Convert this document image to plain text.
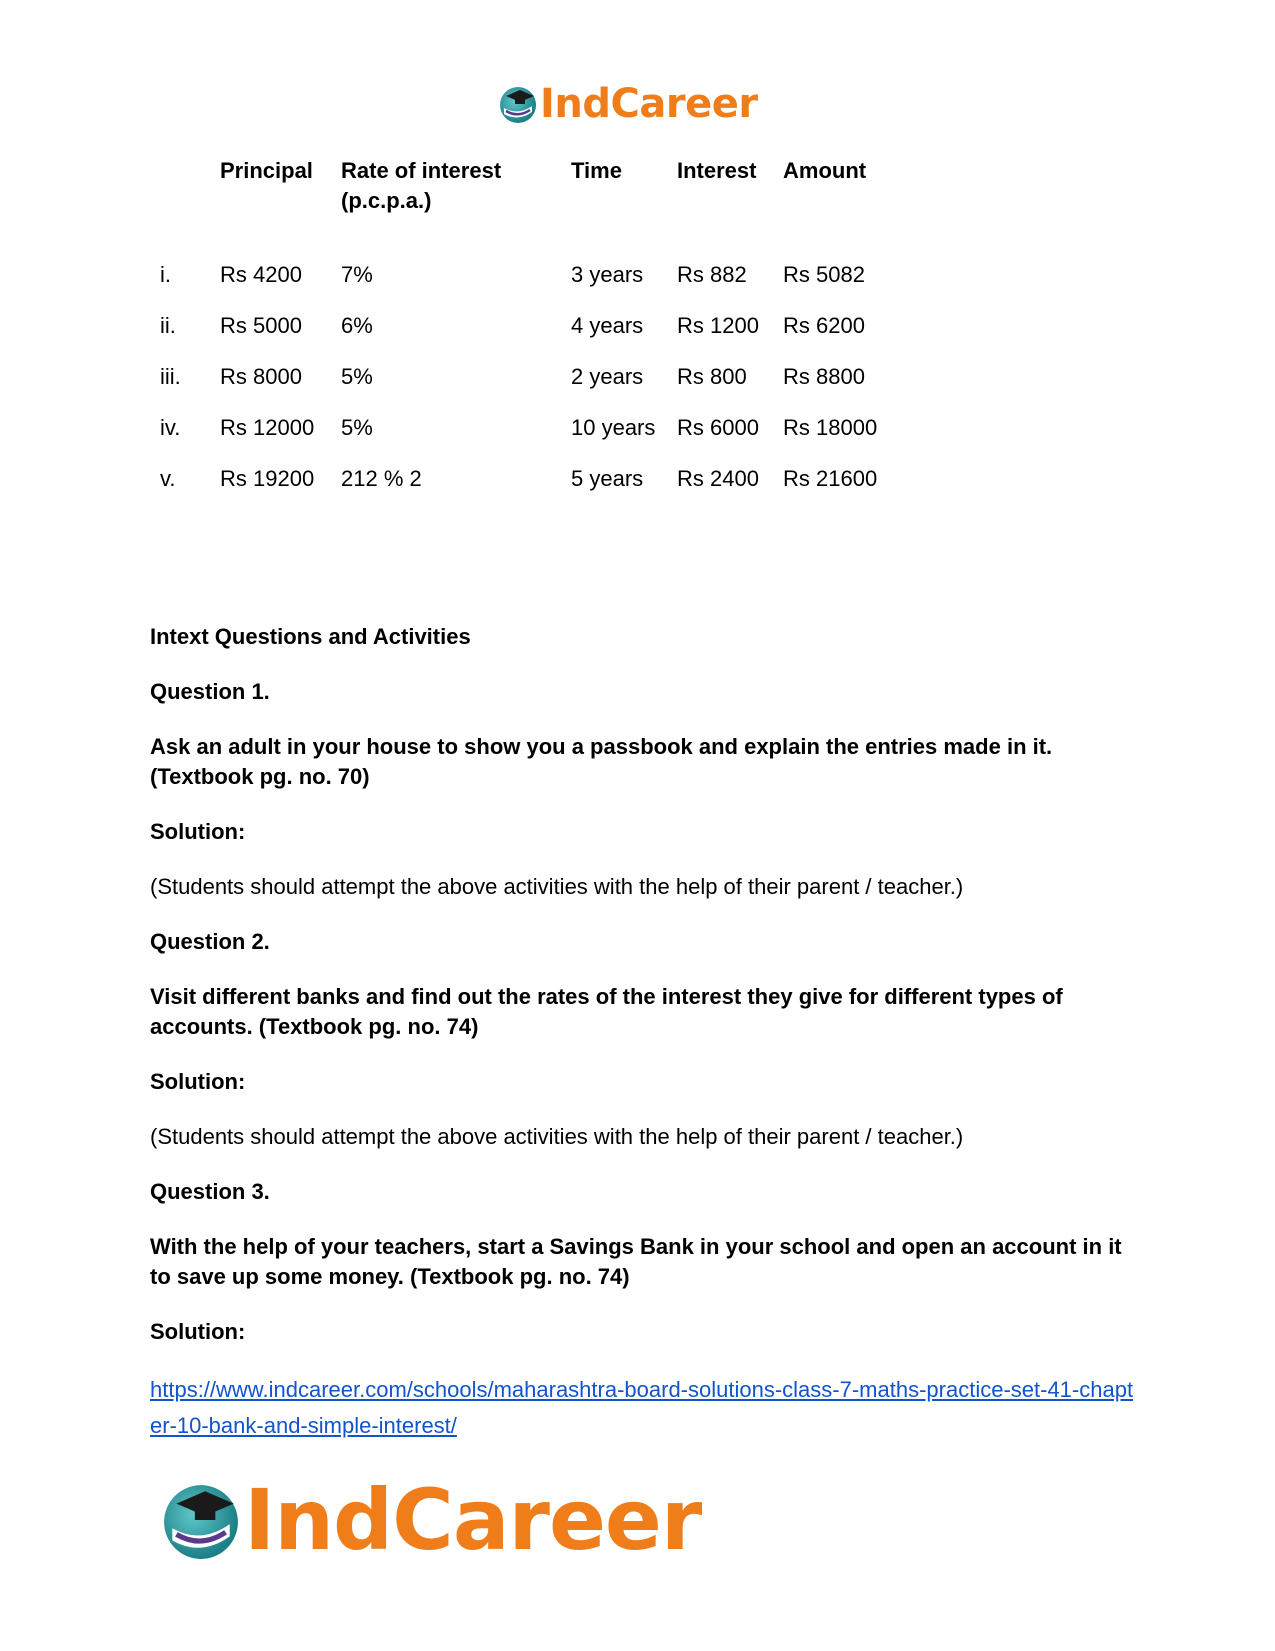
IndCareer
	Principal	Rate of interest (p.c.p.a.)	Time	Interest	Amount
i.	Rs 4200	7%	3 years	Rs 882	Rs 5082
ii.	Rs 5000	6%	4 years	Rs 1200	Rs 6200
iii.	Rs 8000	5%	2 years	Rs 800	Rs 8800
iv.	Rs 12000	5%	10 years	Rs 6000	Rs 18000
v.	Rs 19200	212 % 2	5 years	Rs 2400	Rs 21600

Intext Questions and Activities

Question 1.

Ask an adult in your house to show you a passbook and explain the entries made in it. (Textbook pg. no. 70)

Solution:

(Students should attempt the above activities with the help of their parent / teacher.)

Question 2.

Visit different banks and find out the rates of the interest they give for different types of accounts. (Textbook pg. no. 74)

Solution:

(Students should attempt the above activities with the help of their parent / teacher.)

Question 3.

With the help of your teachers, start a Savings Bank in your school and open an account in it to save up some money. (Textbook pg. no. 74)

Solution:

https://www.indcareer.com/schools/maharashtra-board-solutions-class-7-maths-practice-set-41-chapter-10-bank-and-simple-interest/
IndCareer
